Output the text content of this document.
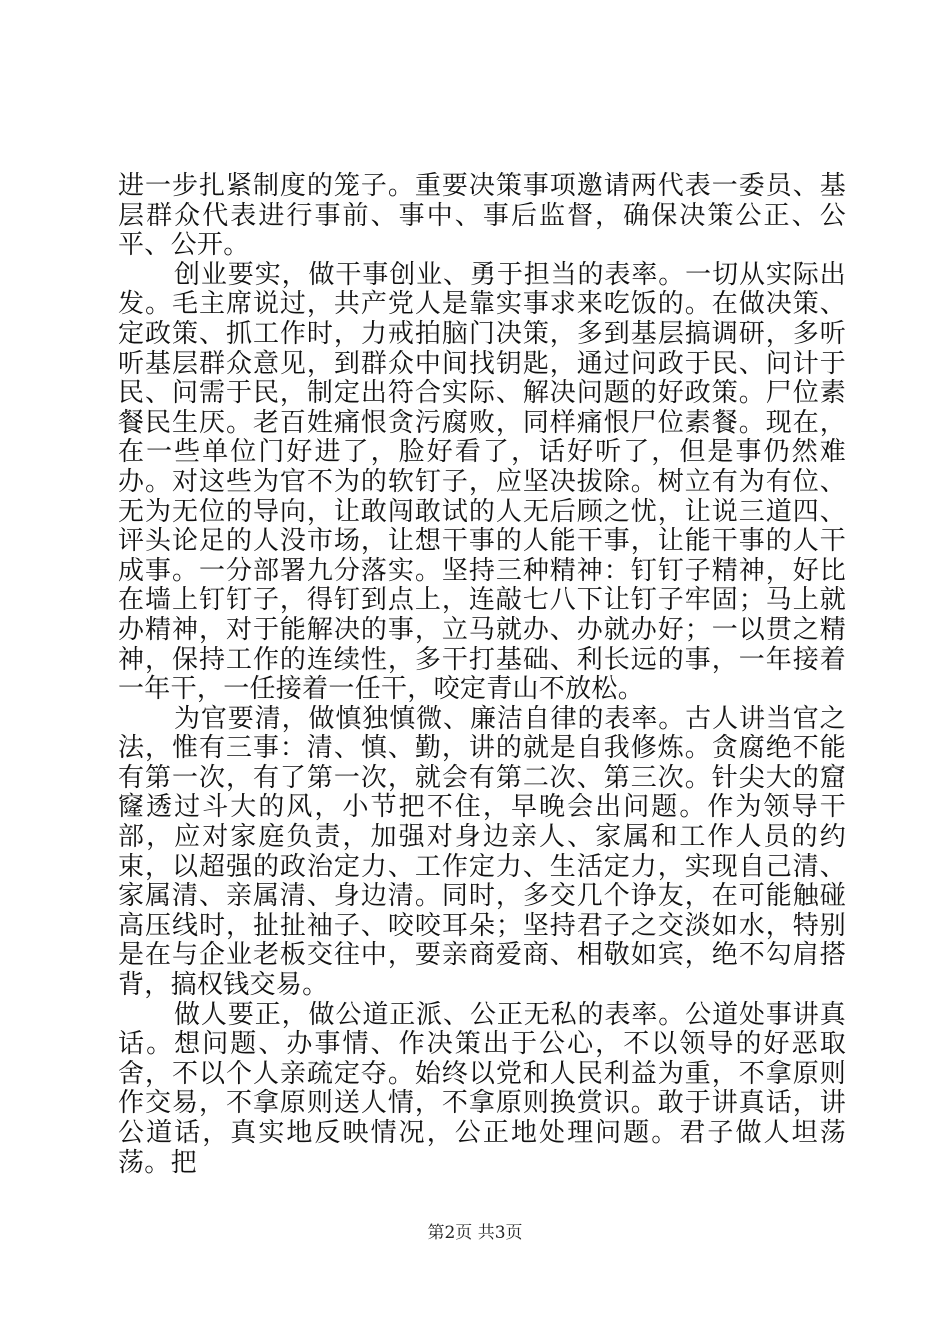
进一步扎紧制度的笼子。重要决策事项邀请两代表一委员、基层群众代表进行事前、事中、事后监督，确保决策公正、公平、公开。

创业要实，做干事创业、勇于担当的表率。一切从实际出发。毛主席说过，共产党人是靠实事求来吃饭的。在做决策、定政策、抓工作时，力戒拍脑门决策，多到基层搞调研，多听听基层群众意见，到群众中间找钥匙，通过问政于民、问计于民、问需于民，制定出符合实际、解决问题的好政策。尸位素餐民生厌。老百姓痛恨贪污腐败，同样痛恨尸位素餐。现在，在一些单位门好进了，脸好看了，话好听了，但是事仍然难办。对这些为官不为的软钉子，应坚决拔除。树立有为有位、无为无位的导向，让敢闯敢试的人无后顾之忧，让说三道四、评头论足的人没市场，让想干事的人能干事，让能干事的人干成事。一分部署九分落实。坚持三种精神：钉钉子精神，好比在墙上钉钉子，得钉到点上，连敲七八下让钉子牢固；马上就办精神，对于能解决的事，立马就办、办就办好；一以贯之精神，保持工作的连续性，多干打基础、利长远的事，一年接着一年干，一任接着一任干，咬定青山不放松。

为官要清，做慎独慎微、廉洁自律的表率。古人讲当官之法，惟有三事：清、慎、勤，讲的就是自我修炼。贪腐绝不能有第一次，有了第一次，就会有第二次、第三次。针尖大的窟窿透过斗大的风，小节把不住，早晚会出问题。作为领导干部，应对家庭负责，加强对身边亲人、家属和工作人员的约束，以超强的政治定力、工作定力、生活定力，实现自己清、家属清、亲属清、身边清。同时，多交几个诤友，在可能触碰高压线时，扯扯袖子、咬咬耳朵；坚持君子之交淡如水，特别是在与企业老板交往中，要亲商爱商、相敬如宾，绝不勾肩搭背，搞权钱交易。

做人要正，做公道正派、公正无私的表率。公道处事讲真话。想问题、办事情、作决策出于公心，不以领导的好恶取舍，不以个人亲疏定夺。始终以党和人民利益为重，不拿原则作交易，不拿原则送人情，不拿原则换赏识。敢于讲真话，讲公道话，真实地反映情况，公正地处理问题。君子做人坦荡荡。把

第2页 共3页
